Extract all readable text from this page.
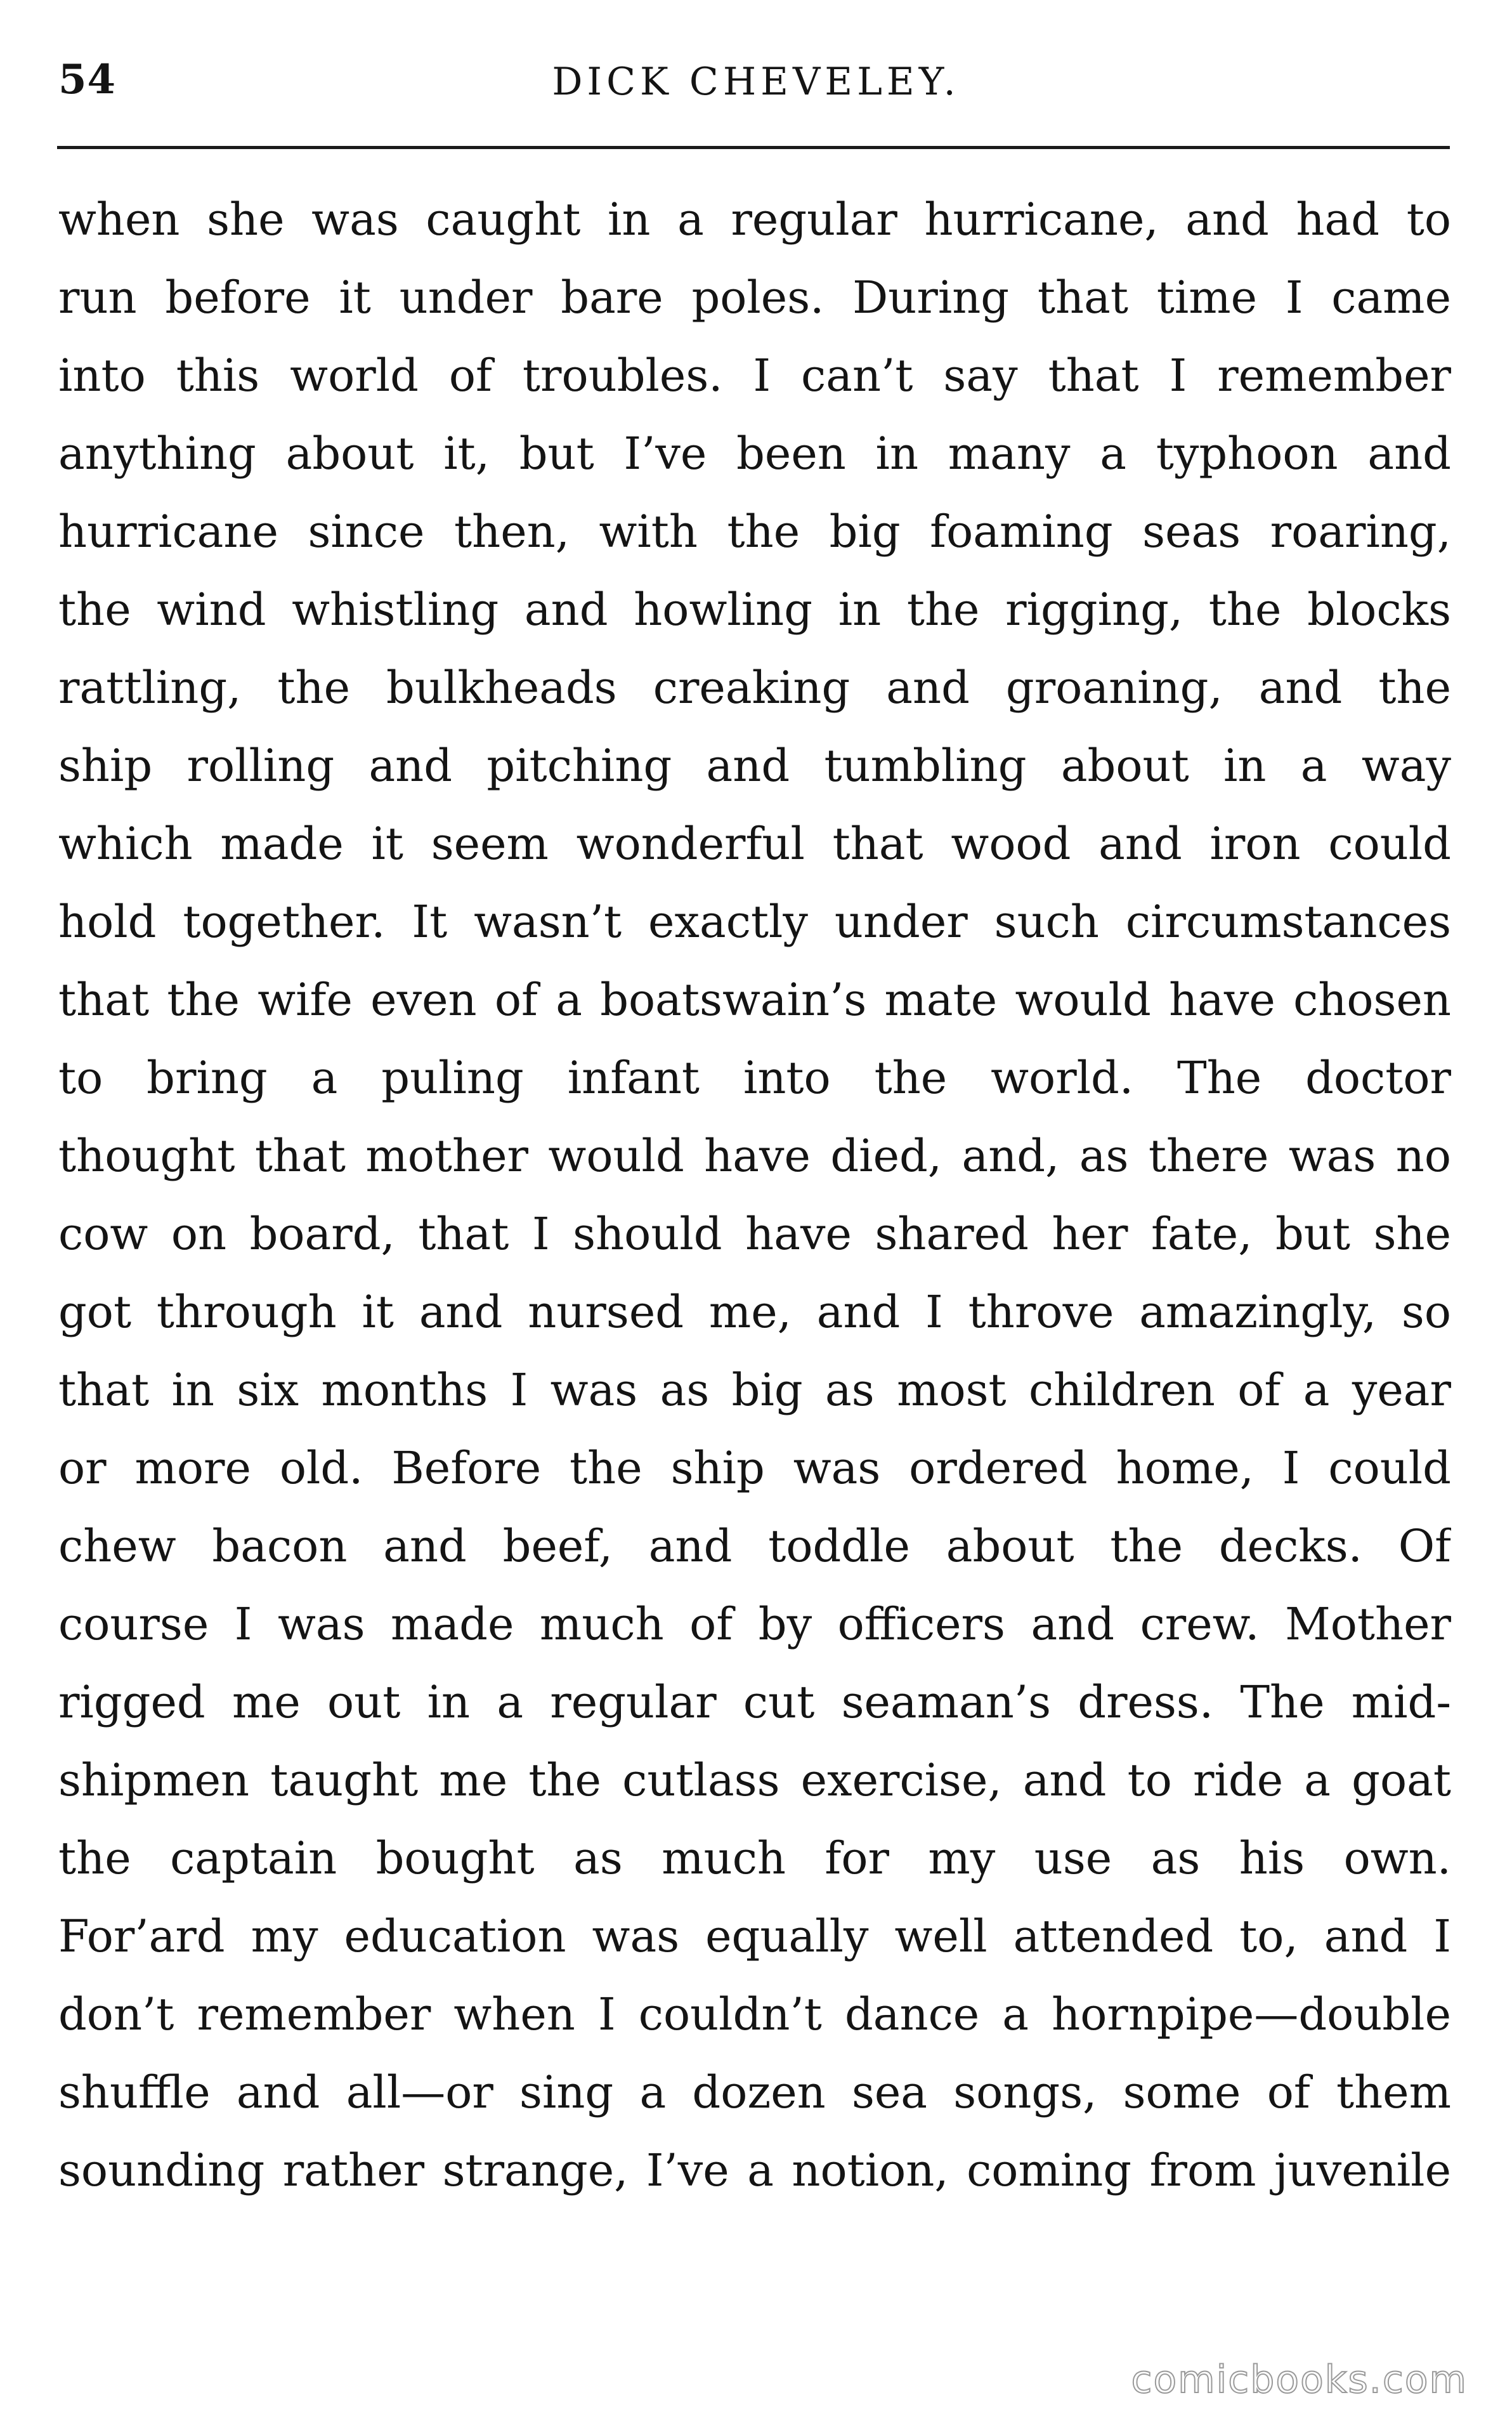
54	DICK CHEVELEY.
when she was caught in a regular hurricane, and had to
run before it under bare poles. During that time I came
into this world of troubles. I can’t say that I remember
anything about it, but I’ve been in many a typhoon and
hurricane since then, with the big foaming seas roaring,
the wind whistling and howling in the rigging, the blocks
rattling, the bulkheads creaking and groaning, and the
ship rolling and pitching and tumbling about in a way
which made it seem wonderful that wood and iron could
hold together. It wasn’t exactly under such circumstances
that the wife even of a boatswain’s mate would have chosen
to bring a puling infant into the world. The doctor
thought that mother would have died, and, as there was no
cow on board, that I should have shared her fate, but she
got through it and nursed me, and I throve amazingly, so
that in six months I was as big as most children of a year
or more old. Before the ship was ordered home, I could
chew bacon and beef, and toddle about the decks. Of
course I was made much of by officers and crew. Mother
rigged me out in a regular cut seaman’s dress. The mid-
shipmen taught me the cutlass exercise, and to ride a goat
the captain bought as much for my use as his own.
For’ard my education was equally well attended to, and I
don’t remember when I couldn’t dance a hornpipe—double
shuffle and all—or sing a dozen sea songs, some of them
sounding rather strange, I’ve a notion, coming from juvenile
comicbooks.com
